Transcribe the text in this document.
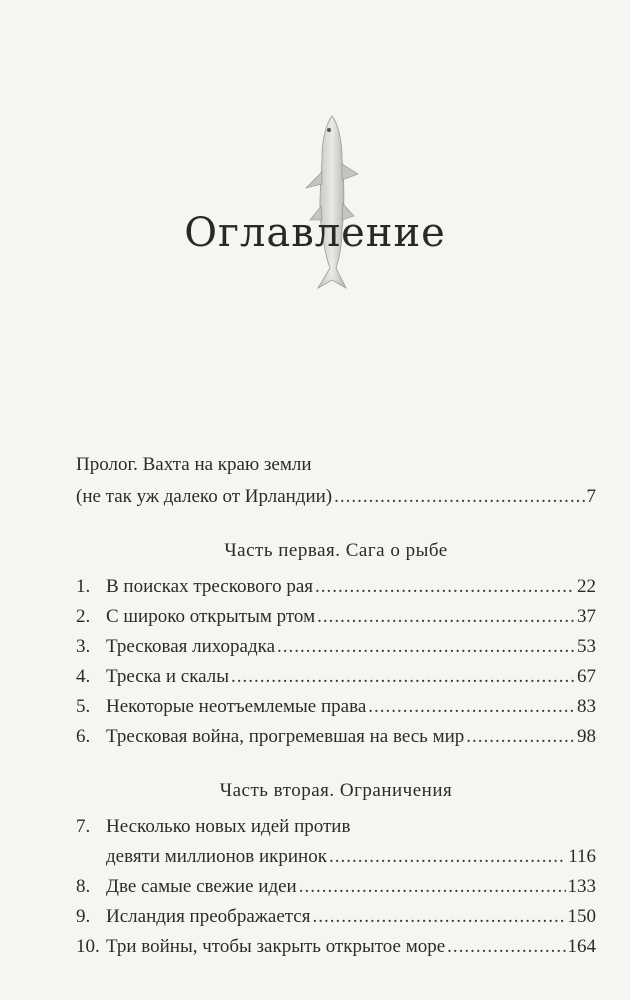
Оглавление
Пролог. Вахта на краю земли
(не так уж далеко от Ирландии) .....	7
Часть первая. Сага о рыбе
1. В поисках трескового рая .....	22
2. С широко открытым ртом .....	37
3. Тресковая лихорадка .....	53
4. Треска и скалы .....	67
5. Некоторые неотъемлемые права .....	83
6. Тресковая война, прогремевшая на весь мир .....	98
Часть вторая. Ограничения
7. Несколько новых идей против
девяти миллионов икринок .....	116
8. Две самые свежие идеи .....	133
9. Исландия преображается .....	150
10. Три войны, чтобы закрыть открытое море .....	164
